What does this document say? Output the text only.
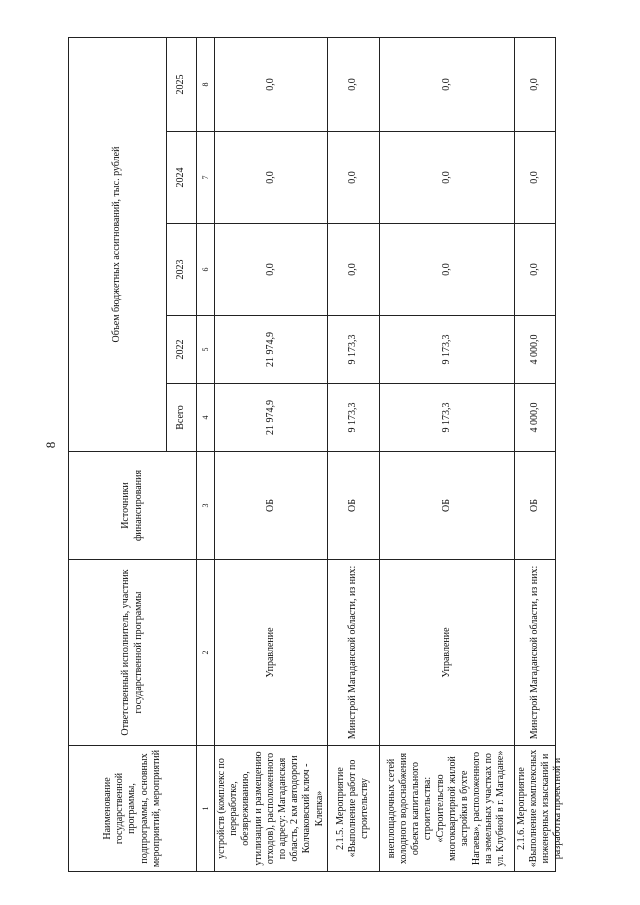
8
Наименование государственной программы, подпрограммы, основных мероприятий, мероприятий	Ответственный исполнитель, участник государственной программы	Источники финансирования	Объем бюджетных ассигнований, тыс. рублей				
			Всего	2022	2023	2024	2025
1	2	3	4	5	6	7	8
устройств (комплекс по переработке, обезвреживанию, утилизации и размещению отходов), расположенного по адресу: Магаданская область, 2 км автодороги Колчаковский ключ - Клепка»	Управление	ОБ	21 974,9	21 974,9	0,0	0,0	0,0
2.1.5. Мероприятие «Выполнение работ по строительству	Минстрой Магаданской области, из них:	ОБ	9 173,3	9 173,3	0,0	0,0	0,0
внеплощадочных сетей холодного водоснабжения объекта капитального строительства: «Строительство многоквартирной жилой застройки в бухте Нагаева», расположенного на земельных участках по ул. Клубной в г. Магадане»	Управление	ОБ	9 173,3	9 173,3	0,0	0,0	0,0

2.1.6. Мероприятие «Выполнение комплексных инженерных изысканий и разработка проектной и	Минстрой Магаданской области, из них:	ОБ	4 000,0	4 000,0	0,0	0,0	0,0
